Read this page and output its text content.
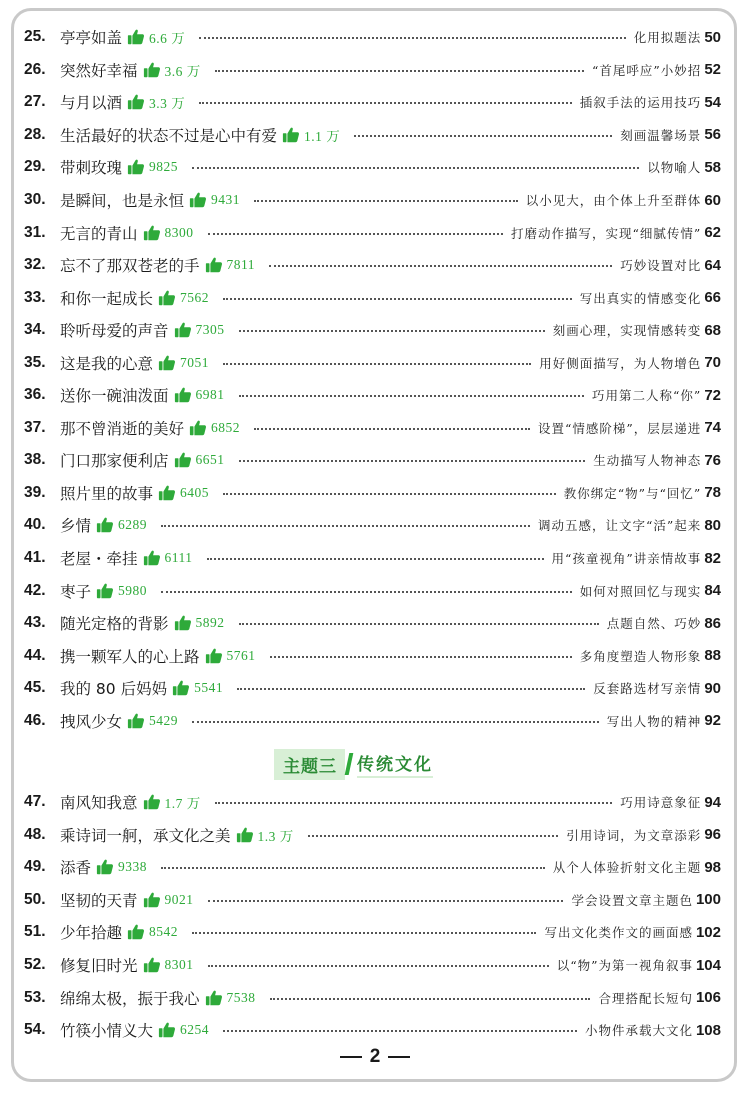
25. 亭亭如盖 6.6 万	化用拟题法 50
26. 突然好幸福 3.6 万	“首尾呼应”小妙招 52
27. 与月以酒 3.3 万	插叙手法的运用技巧 54
28. 生活最好的状态不过是心中有爱 1.1 万	刻画温馨场景 56
29. 带刺玫瑰 9825	以物喻人 58
30. 是瞬间，也是永恒 9431	以小见大，由个体上升至群体 60
31. 无言的青山 8300	打磨动作描写，实现“细腻传情” 62
32. 忘不了那双苍老的手 7811	巧妙设置对比 64
33. 和你一起成长 7562	写出真实的情感变化 66
34. 聆听母爱的声音 7305	刻画心理，实现情感转变 68
35. 这是我的心意 7051	用好侧面描写，为人物增色 70
36. 送你一碗油泼面 6981	巧用第二人称“你” 72
37. 那不曾消逝的美好 6852	设置“情感阶梯”，层层递进 74
38. 门口那家便利店 6651	生动描写人物神态 76
39. 照片里的故事 6405	教你绑定“物”与“回忆” 78
40. 乡情 6289	调动五感，让文字“活”起来 80
41. 老屋・牵挂 6111	用“孩童视角”讲亲情故事 82
42. 枣子 5980	如何对照回忆与现实 84
43. 随光定格的背影 5892	点题自然、巧妙 86
44. 携一颗军人的心上路 5761	多角度塑造人物形象 88
45. 我的 80 后妈妈 5541	反套路选材写亲情 90
46. 拽风少女 5429	写出人物的精神 92
主题三	传统文化
47. 南风知我意 1.7 万	巧用诗意象征 94
48. 乘诗词一舸，承文化之美 1.3 万	引用诗词，为文章添彩 96
49. 添香 9338	从个人体验折射文化主题 98
50. 坚韧的天青 9021	学会设置文章主题色 100
51. 少年拾趣 8542	写出文化类作文的画面感 102
52. 修复旧时光 8301	以“物”为第一视角叙事 104
53. 绵绵太极，振于我心 7538	合理搭配长短句 106
54. 竹筷小情义大 6254	小物件承载大文化 108
2
